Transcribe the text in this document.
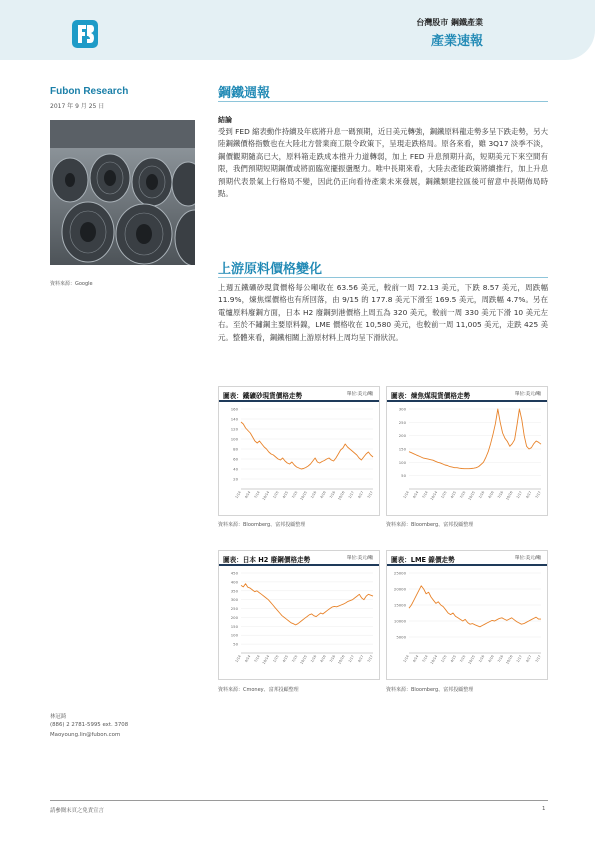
台灣股市 鋼鐵產業
產業速報
Fubon Research
2017 年 9 月 25 日
資料來源：Google
鋼鐵週報
結論
受到 FED 縮表動作持續及年底將升息一碼預期，近日美元轉強，鋼鐵原料龍走勢多呈下跌走勢，另大陸鋼鐵價格指數也在大陸北方營業商工限令政策下，呈現走跌格局。原各來看，雖 3Q17 淡季不淡，鋼價觀期隨高已大，原料箱走跌成本推升力道轉弱，加上 FED 升息預期升高，短期美元下來空間有限，我們預期短期鋼價或將面臨宽擺振盪壓力。唯中長期來看，大陸去產能政策將續推行，加上升息預期代表景氣上行格局不變，因此仍正向看待產業未來發展，鋼鐵類建拉區後可留意中長期佈局時點。
上游原料價格變化
上週五鐵礦砂現貨價格每公噸收在 63.56 美元，較前一周 72.13 美元，下跌 8.57 美元，周跌幅 11.9%，煉焦煤價格也有所回落，由 9/15 的 177.8 美元下滑至 169.5 美元，周跌幅 4.7%。另在電爐原料廢鋼方面，日本 H2 廢鋼到港價格上周五為 320 美元，較前一周 330 美元下滑 10 美元左右。至於不鏽鋼主要原料鎳，LME 價格收在 10,580 美元，也較前一周 11,005 美元，走跌 425 美元。整體來看，鋼鐵相關上游原材料上周均呈下滑狀況。
圖表：鐵礦砂現貨價格走勢	單位:美元/噸
20
40
60
80
100
120
140
160
1/14 4/14 7/14 10/14 1/15 4/15 7/15 10/15 1/16 4/16 7/16 10/16 1/17 4/17 7/17
資料來源：Bloomberg、富邦投顧整理
圖表：煉焦煤現貨價格走勢	單位:美元/噸
50
100
150
200
250
300
1/14 4/14 7/14 10/14 1/15 4/15 7/15 10/15 1/16 4/16 7/16 10/16 1/17 4/17 7/17
資料來源：Bloomberg、富邦投顧整理
圖表：日本 H2 廢鋼價格走勢	單位:美元/噸
50
100
150
200
250
300
350
400
450
1/14 4/14 7/14 10/14 1/15 4/15 7/15 10/15 1/16 4/16 7/16 10/16 1/17 4/17 7/17
資料來源：Cmoney、富邦投顧整理
圖表：LME 鎳價走勢	單位:美元/噸
5000
10000
15000
20000
25000
1/14 4/14 7/14 10/14 1/15 4/15 7/15 10/15 1/16 4/16 7/16 10/16 1/17 4/17 7/17
資料來源：Bloomberg、富邦投顧整理
林冠錡
(886) 2 2781-5995 ext. 3708
Maoyoung.lin@fubon.com
請參閱末頁之免責宣言	1
